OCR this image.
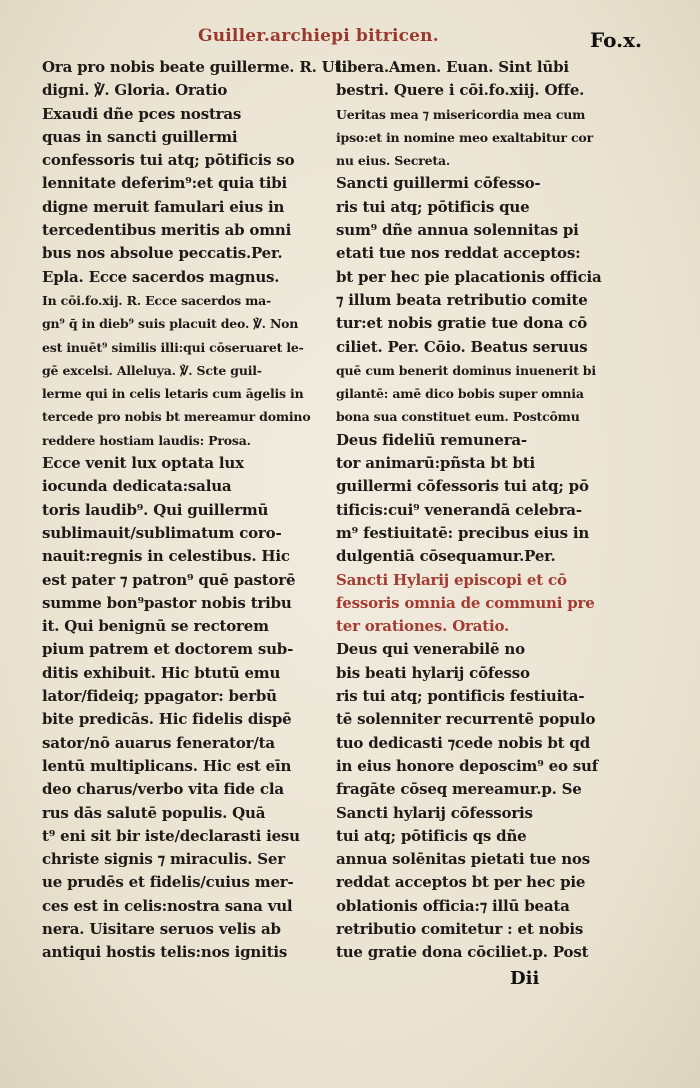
Guiller.archiepi bitricen.	Fo.x.
Ora pro nobis beate guillerme. R. Ut
digni. ℣. Gloria. Oratio
Exaudi dñe pces nostras
quas in sancti guillermi
confessoris tui atq; pōtificis so
lennitate deferim⁹:et quia tibi
digne meruit famulari eius in
tercedentibus meritis ab omni
bus nos absolue peccatis.Per.
Epla. Ecce sacerdos magnus.
In cōi.fo.xij. R. Ecce sacerdos ma-
gn⁹ q̄ in dieb⁹ suis placuit deo. ℣. Non
est inuēt⁹ similis illi:qui cōseruaret le-
gē excelsi. Alleluya. ℣. Scte guil-
lerme qui in celis letaris cum āgelis in
tercede pro nobis bt mereamur domino
reddere hostiam laudis: Prosa.
Ecce venit lux optata lux
iocunda dedicata:salua
toris laudib⁹. Qui guillermū
sublimauit/sublimatum coro-
nauit:regnis in celestibus. Hic
est pater ⁊ patron⁹ quē pastorē
summe bon⁹pastor nobis tribu
it. Qui benignū se rectorem
pium patrem et doctorem sub-
ditis exhibuit. Hic btutū emu
lator/fideiq; ppagator: berbū
bite predicās. Hic fidelis dispē
sator/nō auarus fenerator/ta
lentū multiplicans. Hic est eīn
deo charus/verbo vita fide cla
rus dās salutē populis. Quā
t⁹ eni sit bir iste/declarasti iesu
christe signis ⁊ miraculis. Ser
ue prudēs et fidelis/cuius mer-
ces est in celis:nostra sana vul
nera. Uisitare seruos velis ab
antiqui hostis telis:nos ignitis
libera.Amen. Euan. Sint lūbi
bestri. Quere i cōi.fo.xiij. Offe.
Ueritas mea ⁊ misericordia mea cum
ipso:et in nomine meo exaltabitur cor
nu eius. Secreta.
Sancti guillermi cōfesso-
ris tui atq; pōtificis que
sum⁹ dñe annua solennitas pi
etati tue nos reddat acceptos:
bt per hec pie placationis officia
⁊ illum beata retributio comite
tur:et nobis gratie tue dona cō
ciliet. Per. Cōio. Beatus seruus
quē cum benerit dominus inuenerit bi
gilantē: amē dico bobis super omnia
bona sua constituet eum. Postcōmu
Deus fideliū remunera-
tor animarū:pñsta bt bti
guillermi cōfessoris tui atq; pō
tificis:cui⁹ venerandā celebra-
m⁹ festiuitatē: precibus eius in
dulgentiā cōsequamur.Per.
Sancti Hylarij episcopi et cō
fessoris omnia de communi pre
ter orationes. Oratio.
Deus qui venerabilē no
bis beati hylarij cōfesso
ris tui atq; pontificis festiuita-
tē solenniter recurrentē populo
tuo dedicasti ⁊cede nobis bt qd
in eius honore deposcim⁹ eo suf
fragāte cōseq mereamur.p. Se
Sancti hylarij cōfessoris
tui atq; pōtificis qs dñe
annua solēnitas pietati tue nos
reddat acceptos bt per hec pie
oblationis officia:⁊ illū beata
retributio comitetur : et nobis
tue gratie dona cōciliet.p. Post
Dii
